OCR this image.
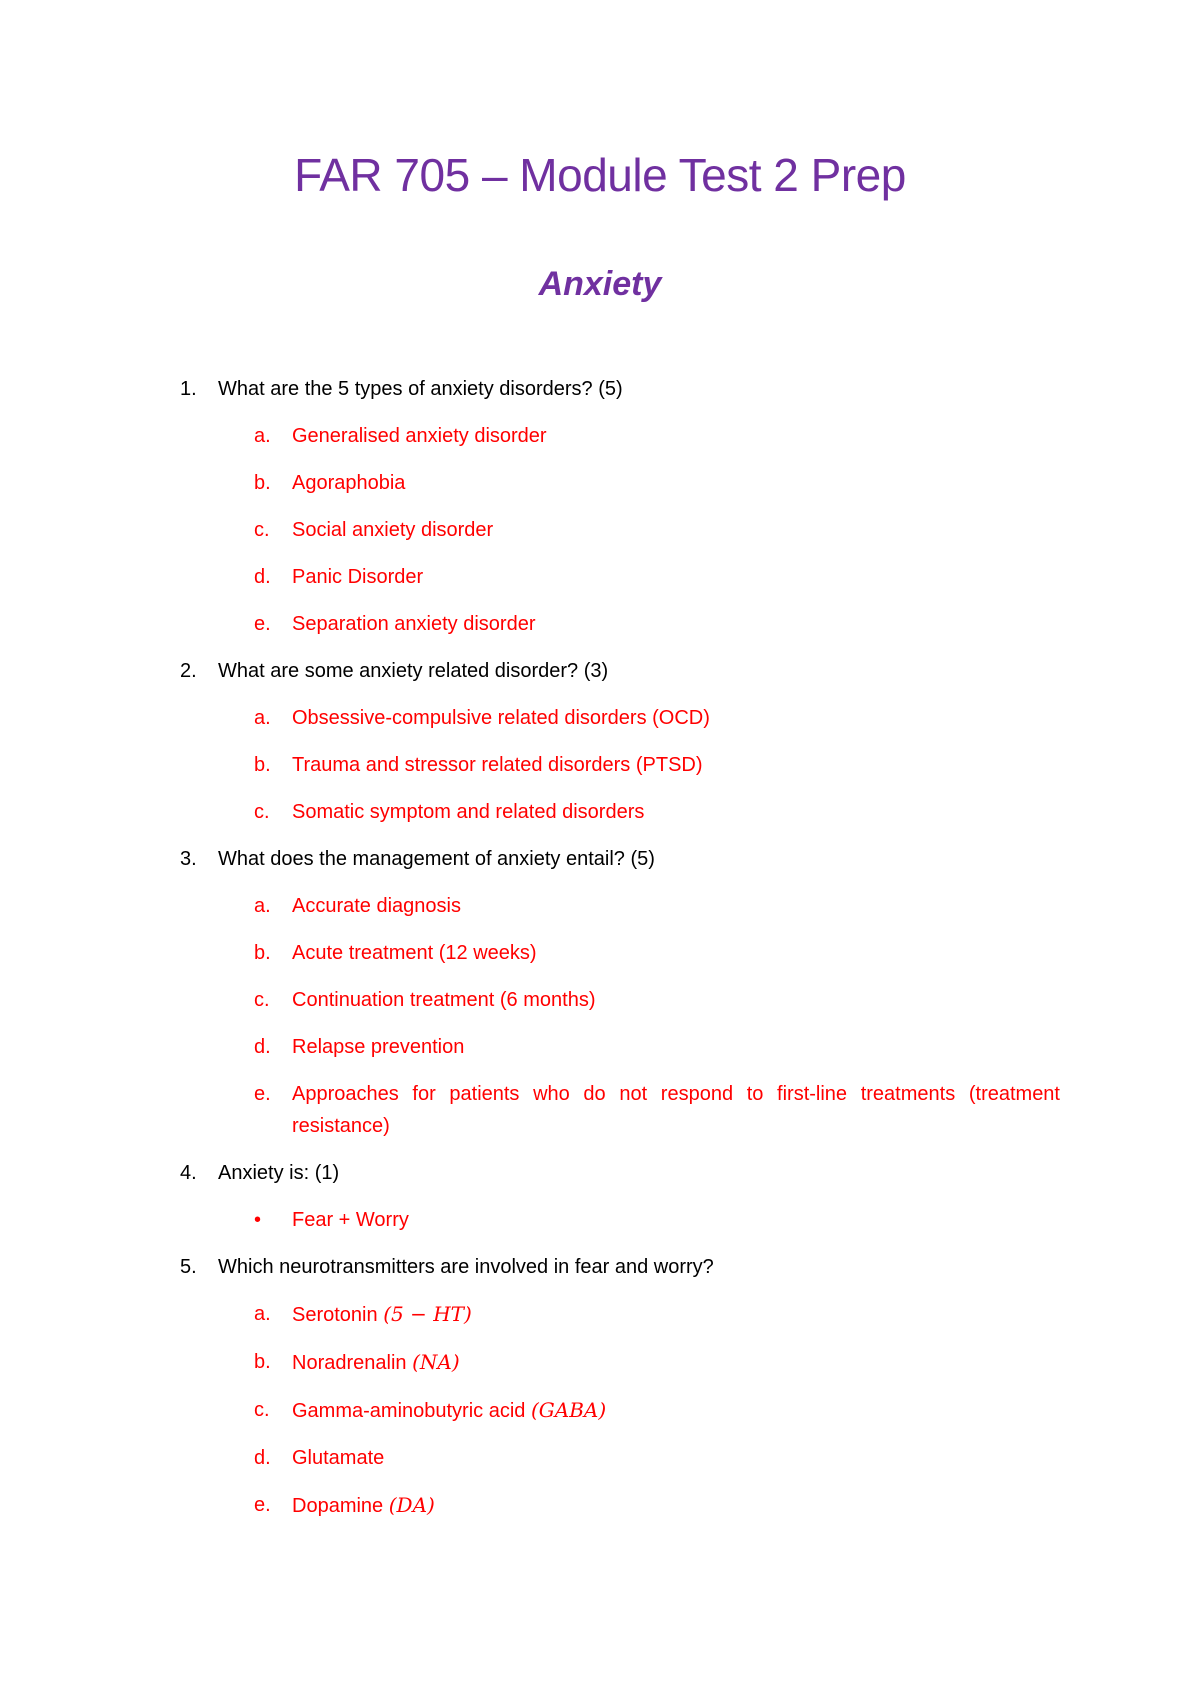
FAR 705 – Module Test 2 Prep
Anxiety
1.	What are the 5 types of anxiety disorders? (5)
a.	Generalised anxiety disorder
b.	Agoraphobia
c.	Social anxiety disorder
d.	Panic Disorder
e.	Separation anxiety disorder
2.	What are some anxiety related disorder? (3)
a.	Obsessive-compulsive related disorders (OCD)
b.	Trauma and stressor related disorders (PTSD)
c.	Somatic symptom and related disorders
3.	What does the management of anxiety entail? (5)
a.	Accurate diagnosis
b.	Acute treatment (12 weeks)
c.	Continuation treatment (6 months)
d.	Relapse prevention
e.	Approaches for patients who do not respond to first-line treatments (treatment resistance)
4.	Anxiety is: (1)
•	Fear + Worry
5.	Which neurotransmitters are involved in fear and worry?
a.	Serotonin (5 − HT)
b.	Noradrenalin (NA)
c.	Gamma-aminobutyric acid (GABA)
d.	Glutamate
e.	Dopamine (DA)
